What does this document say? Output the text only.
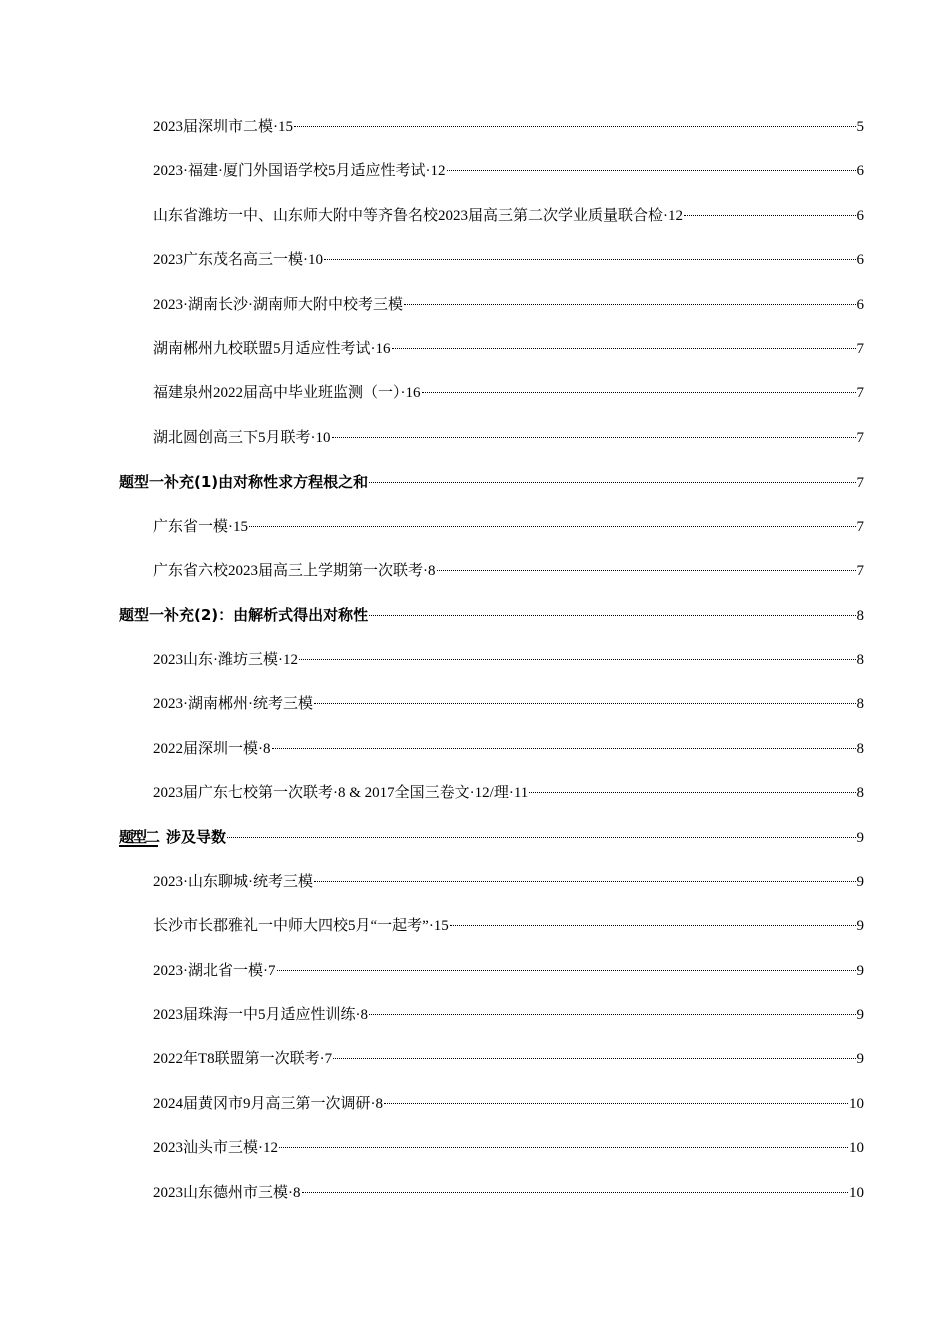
2023届深圳市二模·15	5
2023·福建·厦门外国语学校5月适应性考试·12	6
山东省潍坊一中、山东师大附中等齐鲁名校2023届高三第二次学业质量联合检·12	6
2023广东茂名高三一模·10	6
2023·湖南长沙·湖南师大附中校考三模	6
湖南郴州九校联盟5月适应性考试·16	7
福建泉州2022届高中毕业班监测（一）·16	7
湖北圆创高三下5月联考·10	7
题型一补充(1)由对称性求方程根之和	7
广东省一模·15	7
广东省六校2023届高三上学期第一次联考·8	7
题型一补充(2)：由解析式得出对称性	8
2023山东·潍坊三模·12	8
2023·湖南郴州·统考三模	8
2022届深圳一模·8	8
2023届广东七校第一次联考·8 & 2017全国三卷文·12/理·11	8
题型二 涉及导数	9
2023·山东聊城·统考三模	9
长沙市长郡雅礼一中师大四校5月“一起考”·15	9
2023·湖北省一模·7	9
2023届珠海一中5月适应性训练·8	9
2022年T8联盟第一次联考·7	9
2024届黄冈市9月高三第一次调研·8	10
2023汕头市三模·12	10
2023山东德州市三模·8	10
